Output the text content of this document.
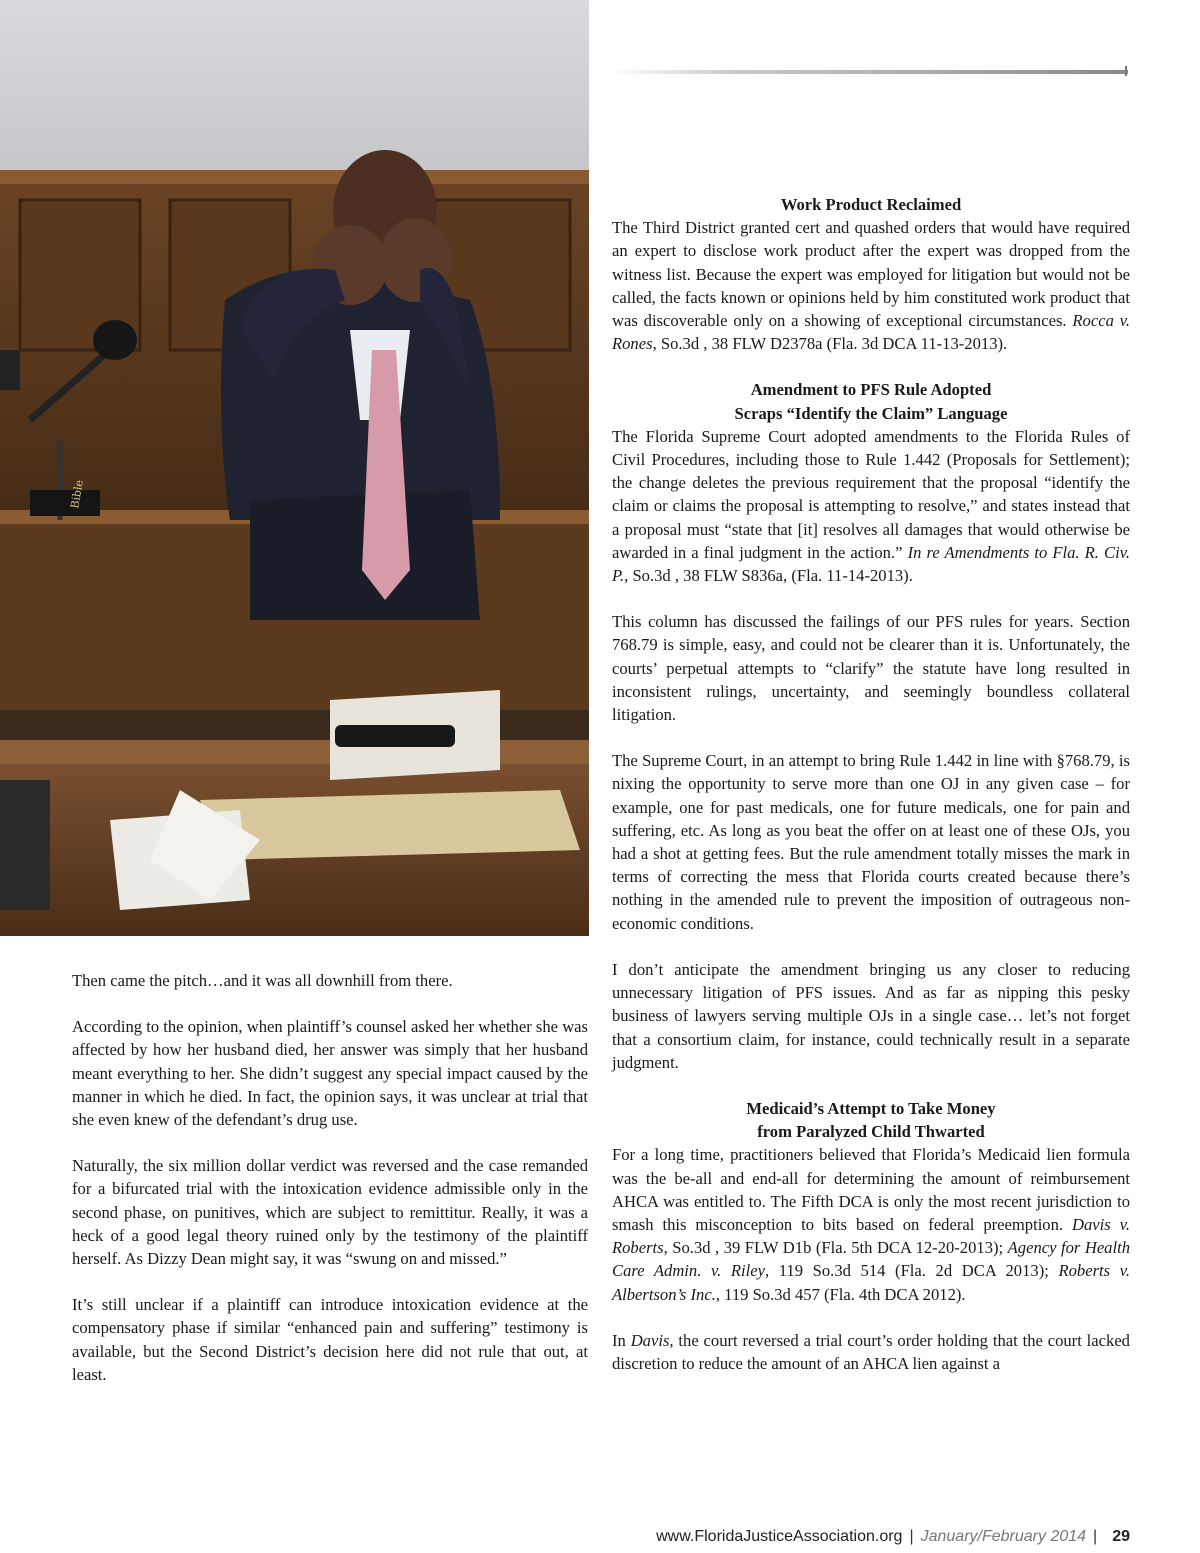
Bible
Work Product Reclaimed

The Third District granted cert and quashed orders that would have required an expert to disclose work product after the expert was dropped from the witness list. Because the expert was employed for litigation but would not be called, the facts known or opinions held by him constituted work product that was discoverable only on a showing of exceptional circumstances. Rocca v. Rones, So.3d , 38 FLW D2378a (Fla. 3d DCA 11-13-2013).

Amendment to PFS Rule Adopted
Scraps “Identify the Claim” Language

The Florida Supreme Court adopted amendments to the Florida Rules of Civil Procedures, including those to Rule 1.442 (Proposals for Settlement); the change deletes the previous requirement that the proposal “identify the claim or claims the proposal is attempting to resolve,” and states instead that a proposal must “state that [it] resolves all damages that would otherwise be awarded in a final judgment in the action.” In re Amendments to Fla. R. Civ. P., So.3d , 38 FLW S836a, (Fla. 11-14-2013).

This column has discussed the failings of our PFS rules for years. Section 768.79 is simple, easy, and could not be clearer than it is. Unfortunately, the courts’ perpetual attempts to “clarify” the statute have long resulted in inconsistent rulings, uncertainty, and seemingly boundless collateral litigation.

The Supreme Court, in an attempt to bring Rule 1.442 in line with §768.79, is nixing the opportunity to serve more than one OJ in any given case – for example, one for past medicals, one for future medicals, one for pain and suffering, etc. As long as you beat the offer on at least one of these OJs, you had a shot at getting fees. But the rule amendment totally misses the mark in terms of correcting the mess that Florida courts created because there’s nothing in the amended rule to prevent the imposition of outrageous non-economic conditions.

I don’t anticipate the amendment bringing us any closer to reducing unnecessary litigation of PFS issues. And as far as nipping this pesky business of lawyers serving multiple OJs in a single case… let’s not forget that a consortium claim, for instance, could technically result in a separate judgment.

Medicaid’s Attempt to Take Money
from Paralyzed Child Thwarted

For a long time, practitioners believed that Florida’s Medicaid lien formula was the be-all and end-all for determining the amount of reimbursement AHCA was entitled to. The Fifth DCA is only the most recent jurisdiction to smash this misconception to bits based on federal preemption. Davis v. Roberts, So.3d , 39 FLW D1b (Fla. 5th DCA 12-20-2013); Agency for Health Care Admin. v. Riley, 119 So.3d 514 (Fla. 2d DCA 2013); Roberts v. Albertson’s Inc., 119 So.3d 457 (Fla. 4th DCA 2012).

In Davis, the court reversed a trial court’s order holding that the court lacked discretion to reduce the amount of an AHCA lien against a

Then came the pitch…and it was all downhill from there.

According to the opinion, when plaintiff’s counsel asked her whether she was affected by how her husband died, her answer was simply that her husband meant everything to her. She didn’t suggest any special impact caused by the manner in which he died. In fact, the opinion says, it was unclear at trial that she even knew of the defendant’s drug use.

Naturally, the six million dollar verdict was reversed and the case remanded for a bifurcated trial with the intoxication evidence admissible only in the second phase, on punitives, which are subject to remittitur. Really, it was a heck of a good legal theory ruined only by the testimony of the plaintiff herself. As Dizzy Dean might say, it was “swung on and missed.”

It’s still unclear if a plaintiff can introduce intoxication evidence at the compensatory phase if similar “enhanced pain and suffering” testimony is available, but the Second District’s decision here did not rule that out, at least.

www.FloridaJusticeAssociation.org | January/February 2014 | 29
